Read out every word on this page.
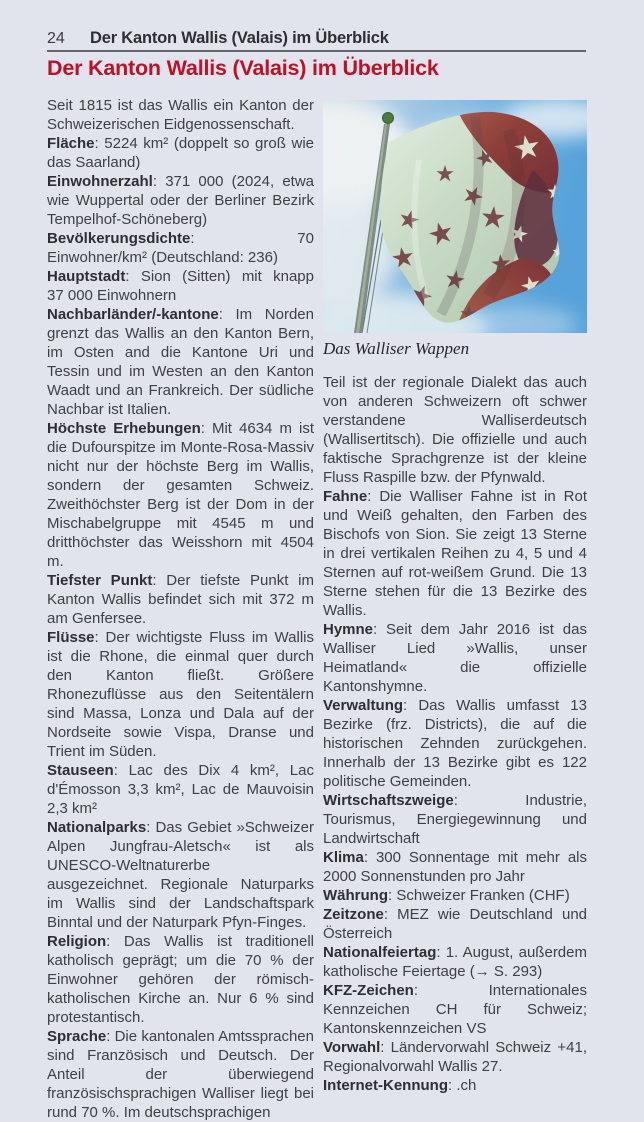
24	Der Kanton Wallis (Valais) im Überblick
Der Kanton Wallis (Valais) im Überblick

Seit 1815 ist das Wallis ein Kanton der Schweizerischen Eidgenossenschaft.

Fläche: 5224 km² (doppelt so groß wie das Saarland)

Einwohnerzahl: 371 000 (2024, etwa wie Wuppertal oder der Berliner Bezirk Tempelhof-Schöneberg)

Bevölkerungsdichte: 70 Einwohner/km² (Deutschland: 236)

Hauptstadt: Sion (Sitten) mit knapp 37 000 Einwohnern

Nachbarländer/-kantone: Im Norden grenzt das Wallis an den Kanton Bern, im Osten and die Kantone Uri und Tessin und im Westen an den Kanton Waadt und an Frankreich. Der südliche Nachbar ist Italien.

Höchste Erhebungen: Mit 4634 m ist die Dufourspitze im Monte-Rosa-Massiv nicht nur der höchste Berg im Wallis, sondern der gesamten Schweiz. Zweithöchster Berg ist der Dom in der Mischabelgruppe mit 4545 m und dritthöchster das Weisshorn mit 4504 m.

Tiefster Punkt: Der tiefste Punkt im Kanton Wallis befindet sich mit 372 m am Genfersee.

Flüsse: Der wichtigste Fluss im Wallis ist die Rhone, die einmal quer durch den Kanton fließt. Größere Rhonezuflüsse aus den Seitentälern sind Massa, Lonza und Dala auf der Nordseite sowie Vispa, Dranse und Trient im Süden.

Stauseen: Lac des Dix 4 km², Lac d'Émosson 3,3 km², Lac de Mauvoisin 2,3 km²

Nationalparks: Das Gebiet »Schweizer Alpen Jungfrau-Aletsch« ist als UNESCO-Weltnaturerbe ausgezeichnet. Regionale Naturparks im Wallis sind der Landschaftspark Binntal und der Naturpark Pfyn-Finges.

Religion: Das Wallis ist traditionell katholisch geprägt; um die 70 % der Einwohner gehören der römisch-katholischen Kirche an. Nur 6 % sind protestantisch.

Sprache: Die kantonalen Amtssprachen sind Französisch und Deutsch. Der Anteil der überwiegend französischsprachigen Walliser liegt bei rund 70 %. Im deutschsprachigen

Das Walliser Wappen

Teil ist der regionale Dialekt das auch von anderen Schweizern oft schwer verstandene Walliserdeutsch (Wallisertitsch). Die offizielle und auch faktische Sprachgrenze ist der kleine Fluss Raspille bzw. der Pfynwald.

Fahne: Die Walliser Fahne ist in Rot und Weiß gehalten, den Farben des Bischofs von Sion. Sie zeigt 13 Sterne in drei vertikalen Reihen zu 4, 5 und 4 Sternen auf rot-weißem Grund. Die 13 Sterne stehen für die 13 Bezirke des Wallis.

Hymne: Seit dem Jahr 2016 ist das Walliser Lied »Wallis, unser Heimatland« die offizielle Kantonshymne.

Verwaltung: Das Wallis umfasst 13 Bezirke (frz. Districts), die auf die historischen Zehnden zurückgehen. Innerhalb der 13 Bezirke gibt es 122 politische Gemeinden.

Wirtschaftszweige: Industrie, Tourismus, Energiegewinnung und Landwirtschaft

Klima: 300 Sonnentage mit mehr als 2000 Sonnenstunden pro Jahr

Währung: Schweizer Franken (CHF)

Zeitzone: MEZ wie Deutschland und Österreich

Nationalfeiertag: 1. August, außerdem katholische Feiertage (→ S. 293)

KFZ-Zeichen: Internationales Kennzeichen CH für Schweiz; Kantonskennzeichen VS

Vorwahl: Ländervorwahl Schweiz +41, Regionalvorwahl Wallis 27.

Internet-Kennung: .ch
